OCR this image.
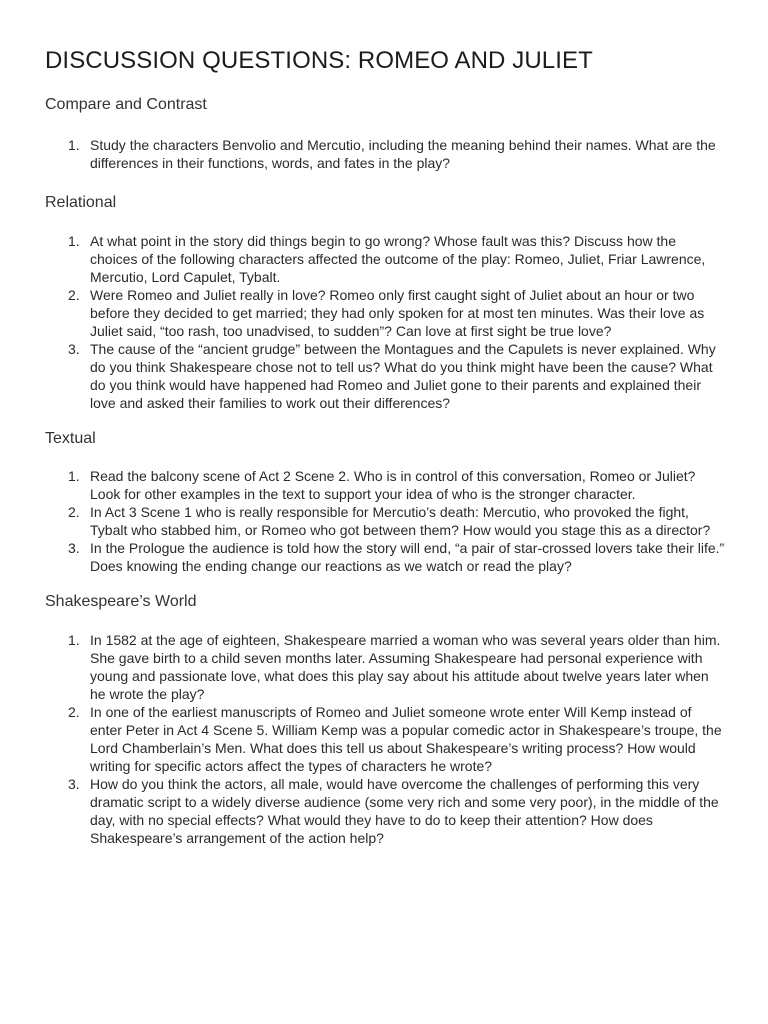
DISCUSSION QUESTIONS: ROMEO AND JULIET
Compare and Contrast
1. Study the characters Benvolio and Mercutio, including the meaning behind their names. What are the differences in their functions, words, and fates in the play?
Relational
1. At what point in the story did things begin to go wrong? Whose fault was this? Discuss how the choices of the following characters affected the outcome of the play: Romeo, Juliet, Friar Lawrence, Mercutio, Lord Capulet, Tybalt.
2. Were Romeo and Juliet really in love? Romeo only first caught sight of Juliet about an hour or two before they decided to get married; they had only spoken for at most ten minutes. Was their love as Juliet said, “too rash, too unadvised, to sudden”? Can love at first sight be true love?
3. The cause of the “ancient grudge” between the Montagues and the Capulets is never explained. Why do you think Shakespeare chose not to tell us? What do you think might have been the cause? What do you think would have happened had Romeo and Juliet gone to their parents and explained their love and asked their families to work out their differences?
Textual
1. Read the balcony scene of Act 2 Scene 2. Who is in control of this conversation, Romeo or Juliet? Look for other examples in the text to support your idea of who is the stronger character.
2. In Act 3 Scene 1 who is really responsible for Mercutio’s death: Mercutio, who provoked the fight, Tybalt who stabbed him, or Romeo who got between them? How would you stage this as a director?
3. In the Prologue the audience is told how the story will end, “a pair of star-crossed lovers take their life.” Does knowing the ending change our reactions as we watch or read the play?
Shakespeare’s World
1. In 1582 at the age of eighteen, Shakespeare married a woman who was several years older than him. She gave birth to a child seven months later. Assuming Shakespeare had personal experience with young and passionate love, what does this play say about his attitude about twelve years later when he wrote the play?
2. In one of the earliest manuscripts of Romeo and Juliet someone wrote enter Will Kemp instead of enter Peter in Act 4 Scene 5. William Kemp was a popular comedic actor in Shakespeare’s troupe, the Lord Chamberlain’s Men. What does this tell us about Shakespeare’s writing process? How would writing for specific actors affect the types of characters he wrote?
3. How do you think the actors, all male, would have overcome the challenges of performing this very dramatic script to a widely diverse audience (some very rich and some very poor), in the middle of the day, with no special effects? What would they have to do to keep their attention? How does Shakespeare’s arrangement of the action help?
